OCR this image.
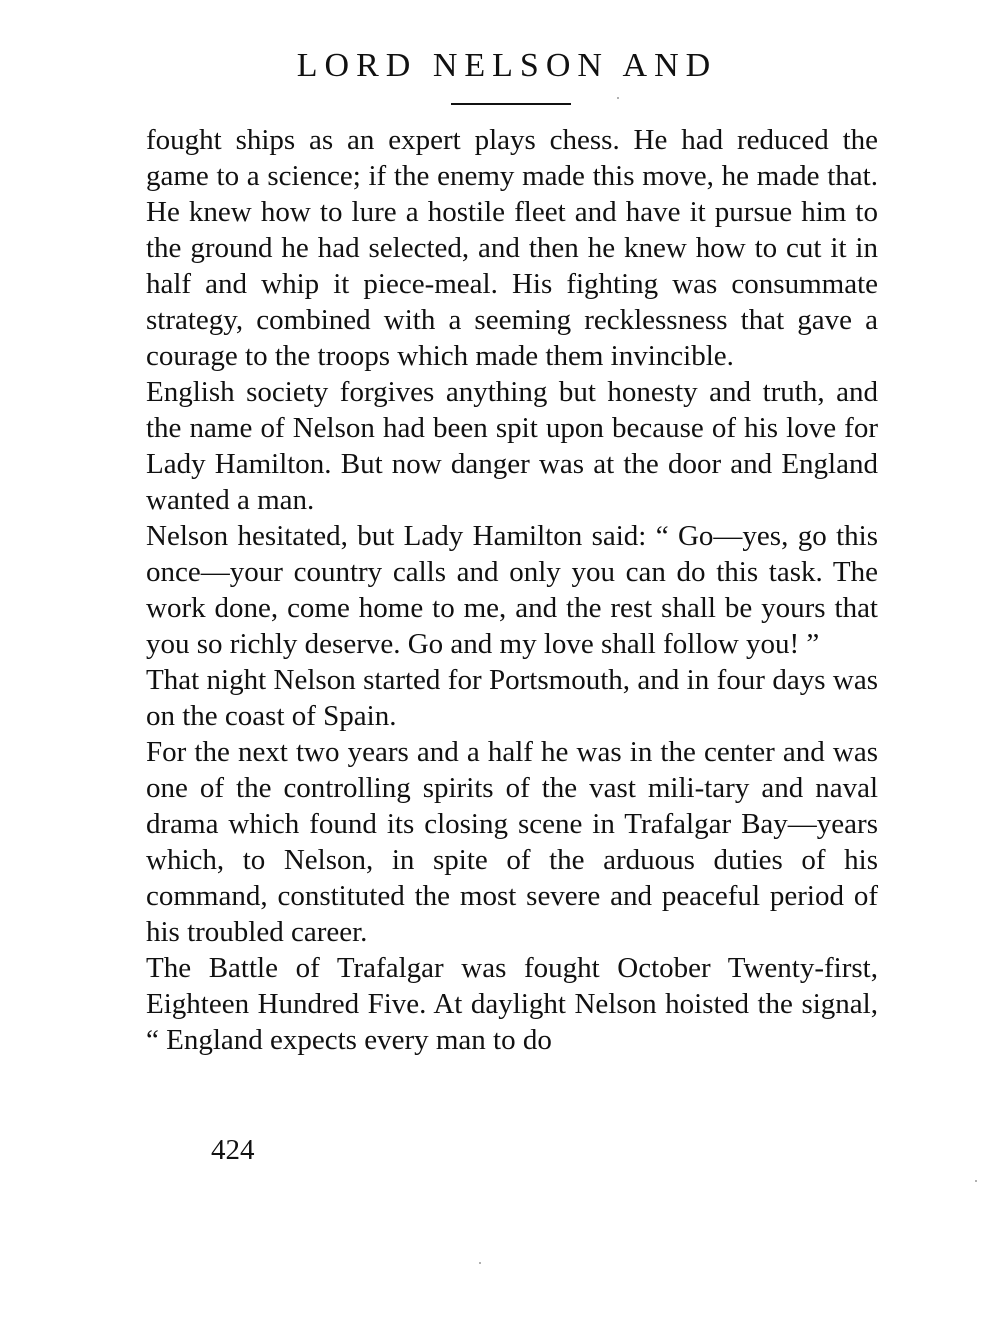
LORD NELSON AND

fought ships as an expert plays chess. He had reduced the game to a science; if the enemy made this move, he made that. He knew how to lure a hostile fleet and have it pursue him to the ground he had selected, and then he knew how to cut it in half and whip it piece-meal. His fighting was consummate strategy, combined with a seeming recklessness that gave a courage to the troops which made them invincible.

English society forgives anything but honesty and truth, and the name of Nelson had been spit upon because of his love for Lady Hamilton. But now danger was at the door and England wanted a man.

Nelson hesitated, but Lady Hamilton said: “ Go—yes, go this once—your country calls and only you can do this task. The work done, come home to me, and the rest shall be yours that you so richly deserve. Go and my love shall follow you! ”

That night Nelson started for Portsmouth, and in four days was on the coast of Spain.

For the next two years and a half he was in the center and was one of the controlling spirits of the vast mili-tary and naval drama which found its closing scene in Trafalgar Bay—years which, to Nelson, in spite of the arduous duties of his command, constituted the most severe and peaceful period of his troubled career.

The Battle of Trafalgar was fought October Twenty-first, Eighteen Hundred Five. At daylight Nelson hoisted the signal, “ England expects every man to do

424
